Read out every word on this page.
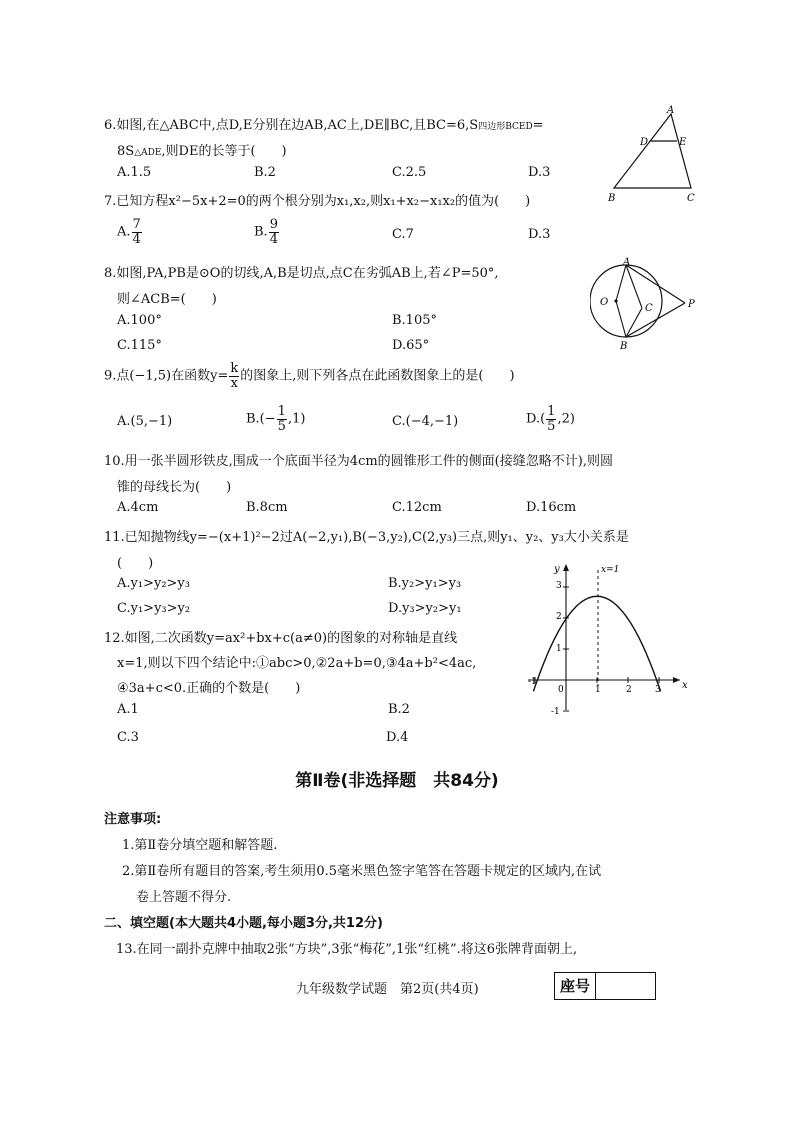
6.如图,在△ABC中,点D,E分别在边AB,AC上,DE∥BC,且BC=6,S四边形BCED=
8S△ADE,则DE的长等于(　　)
A.1.5	B.2	C.2.5	D.3
A
D	E
B	C
7.已知方程x²−5x+2=0的两个根分别为x₁,x₂,则x₁+x₂−x₁x₂的值为(　　)
A. $\frac{7}{4}$	B. $\frac{9}{4}$	C.7	D.3
8.如图,PA,PB是⊙O的切线,A,B是切点,点C在劣弧AB上,若∠P=50°,
则∠ACB=(　　)
A.100°	B.105°
C.115°	D.65°
A
O
C	P
B
9.点(−1,5)在函数$y= \frac{k}{x}$ 的图象上,则下列各点在此函数图象上的是(　　)
A.(5,−1)	$B.(- \frac{1}{5} ,1)$	C.(−4,−1)	$D.( \frac{1}{5} ,2)$
10.用一张半圆形铁皮,围成一个底面半径为4cm的圆锥形工件的侧面(接缝忽略不计),则圆
锥的母线长为(　　)
A.4cm	B.8cm	C.12cm	D.16cm
11.已知抛物线y=−(x+1)²−2过A(−2,y₁),B(−3,y₂),C(2,y₃)三点,则y₁、y₂、y₃大小关系是
(　　)
A.y₁>y₂>y₃	B.y₂>y₁>y₃
C.y₁>y₃>y₂	D.y₃>y₂>y₁
12.如图,二次函数y=ax²+bx+c(a≠0)的图象的对称轴是直线
x=1,则以下四个结论中:①abc>0,②2a+b=0,③4a+b²<4ac,
④3a+c<0.正确的个数是(　　)
A.1	B.2
C.3	D.4
y
x
x=1
3
2
1
-1
-1
0	1	2	3
第Ⅱ卷(非选择题　共84分)
注意事项:
1.第Ⅱ卷分填空题和解答题.
2.第Ⅱ卷所有题目的答案,考生须用0.5毫米黑色签字笔答在答题卡规定的区域内,在试
卷上答题不得分.
二、填空题(本大题共4小题,每小题3分,共12分)
13.在同一副扑克牌中抽取2张“方块”,3张“梅花”,1张“红桃”.将这6张牌背面朝上,
九年级数学试题　第2页(共4页)	座号
